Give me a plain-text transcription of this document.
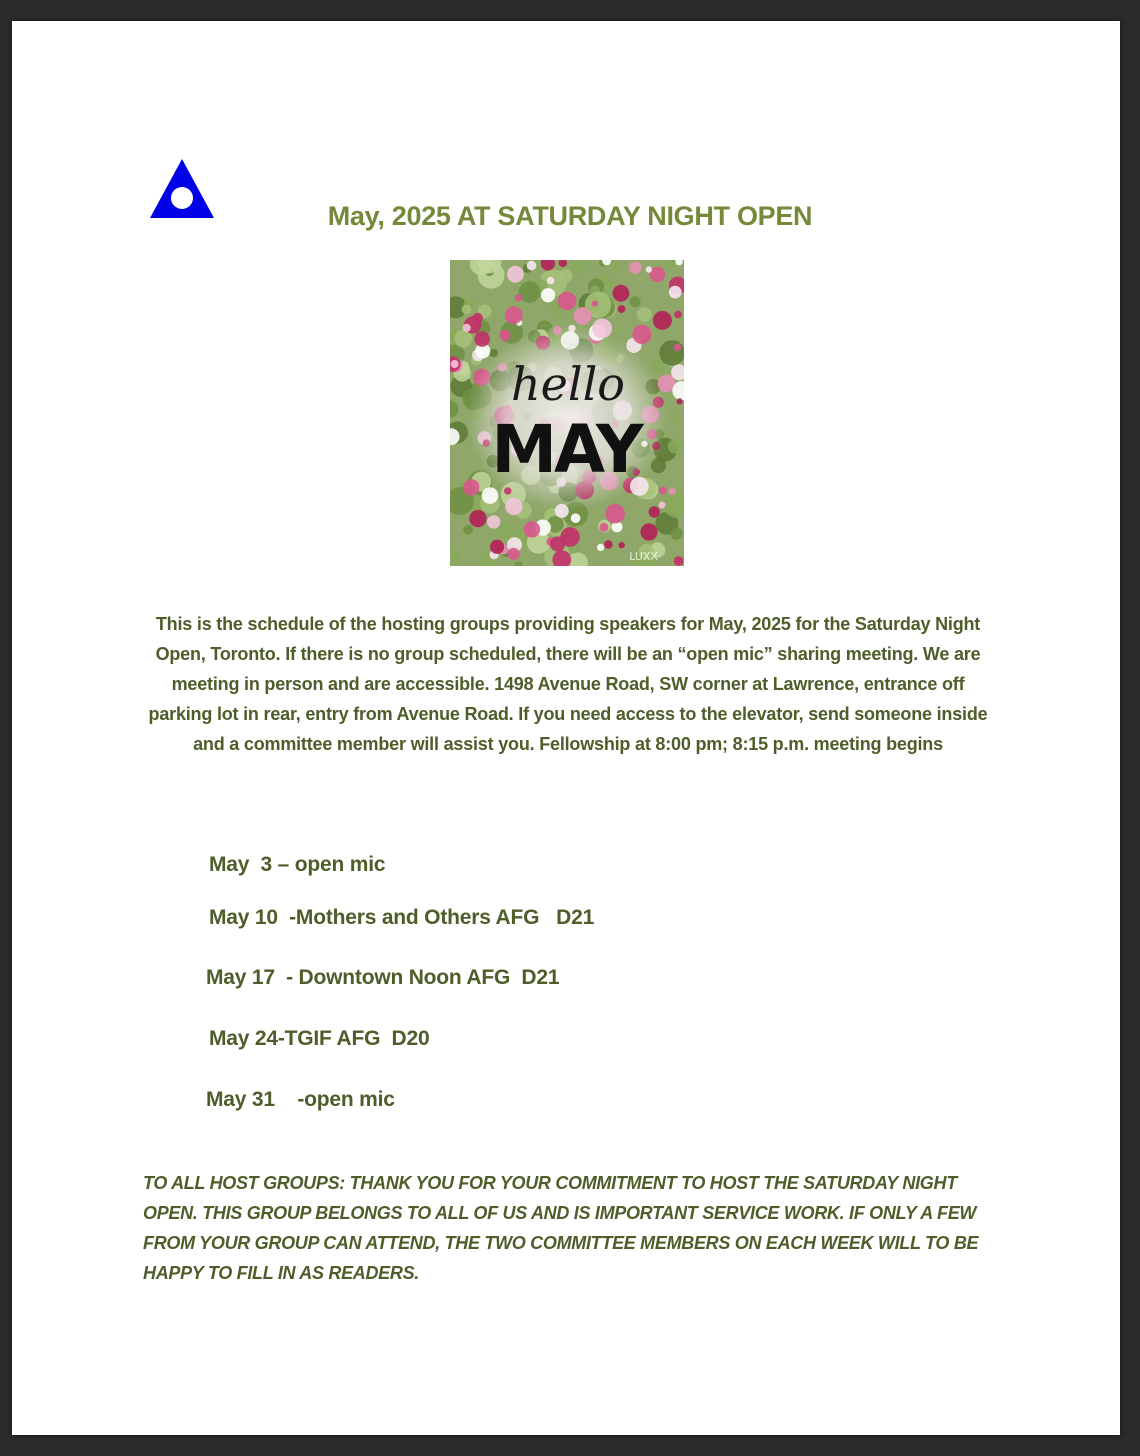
May, 2025 AT SATURDAY NIGHT OPEN
hello
MAY
LUXX
This is the schedule of the hosting groups providing speakers for May, 2025 for the Saturday Night Open, Toronto. If there is no group scheduled, there will be an “open mic” sharing meeting. We are meeting in person and are accessible. 1498 Avenue Road, SW corner at Lawrence, entrance off parking lot in rear, entry from Avenue Road. If you need access to the elevator, send someone inside and a committee member will assist you. Fellowship at 8:00 pm; 8:15 p.m. meeting begins
May  3 – open mic
May 10  -Mothers and Others AFG   D21
May 17  - Downtown Noon AFG  D21
May 24-TGIF AFG  D20
May 31    -open mic
TO ALL HOST GROUPS: THANK YOU FOR YOUR COMMITMENT TO HOST THE SATURDAY NIGHT OPEN. THIS GROUP BELONGS TO ALL OF US AND IS IMPORTANT SERVICE WORK. IF ONLY A FEW FROM YOUR GROUP CAN ATTEND, THE TWO COMMITTEE MEMBERS ON EACH WEEK WILL TO BE HAPPY TO FILL IN AS READERS.
